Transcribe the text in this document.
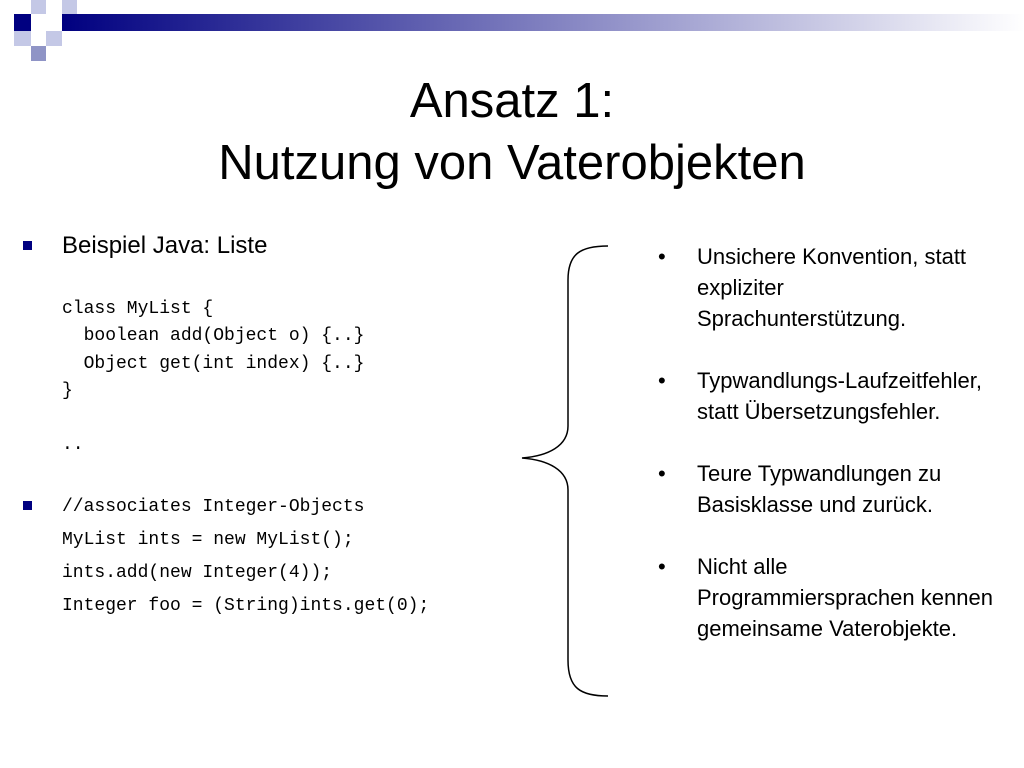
Ansatz 1:
Nutzung von Vaterobjekten
Beispiel Java: Liste
class MyList {
boolean add(Object o) {..}
Object get(int index) {..}
}

..
//associates Integer-Objects
MyList ints = new MyList();
ints.add(new Integer(4));
Integer foo = (String)ints.get(0);
• Unsichere Konvention, statt expliziter Sprachunterstützung.
• Typwandlungs-Laufzeitfehler, statt Übersetzungsfehler.
• Teure Typwandlungen zu Basisklasse und zurück.
• Nicht alle Programmiersprachen kennen gemeinsame Vaterobjekte.
